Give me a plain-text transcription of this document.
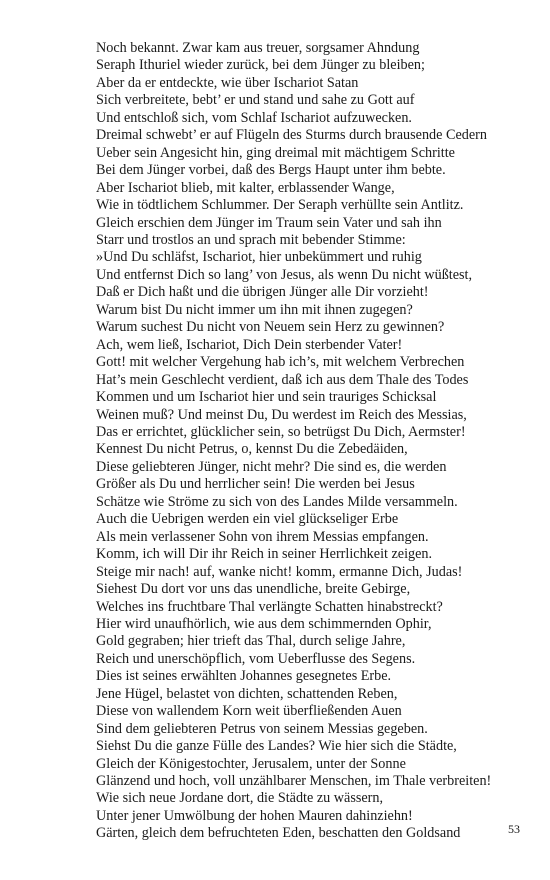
Noch bekannt. Zwar kam aus treuer, sorgsamer Ahndung
Seraph Ithuriel wieder zurück, bei dem Jünger zu bleiben;
Aber da er entdeckte, wie über Ischariot Satan
Sich verbreitete, bebt’ er und stand und sahe zu Gott auf
Und entschloß sich, vom Schlaf Ischariot aufzuwecken.
Dreimal schwebt’ er auf Flügeln des Sturms durch brausende Cedern
Ueber sein Angesicht hin, ging dreimal mit mächtigem Schritte
Bei dem Jünger vorbei, daß des Bergs Haupt unter ihm bebte.
Aber Ischariot blieb, mit kalter, erblassender Wange,
Wie in tödtlichem Schlummer. Der Seraph verhüllte sein Antlitz.
Gleich erschien dem Jünger im Traum sein Vater und sah ihn
Starr und trostlos an und sprach mit bebender Stimme:
»Und Du schläfst, Ischariot, hier unbekümmert und ruhig
Und entfernst Dich so lang’ von Jesus, als wenn Du nicht wüßtest,
Daß er Dich haßt und die übrigen Jünger alle Dir vorzieht!
Warum bist Du nicht immer um ihn mit ihnen zugegen?
Warum suchest Du nicht von Neuem sein Herz zu gewinnen?
Ach, wem ließ, Ischariot, Dich Dein sterbender Vater!
Gott! mit welcher Vergehung hab ich’s, mit welchem Verbrechen
Hat’s mein Geschlecht verdient, daß ich aus dem Thale des Todes
Kommen und um Ischariot hier und sein trauriges Schicksal
Weinen muß? Und meinst Du, Du werdest im Reich des Messias,
Das er errichtet, glücklicher sein, so betrügst Du Dich, Aermster!
Kennest Du nicht Petrus, o, kennst Du die Zebedäiden,
Diese geliebteren Jünger, nicht mehr? Die sind es, die werden
Größer als Du und herrlicher sein! Die werden bei Jesus
Schätze wie Ströme zu sich von des Landes Milde versammeln.
Auch die Uebrigen werden ein viel glückseliger Erbe
Als mein verlassener Sohn von ihrem Messias empfangen.
Komm, ich will Dir ihr Reich in seiner Herrlichkeit zeigen.
Steige mir nach! auf, wanke nicht! komm, ermanne Dich, Judas!
Siehest Du dort vor uns das unendliche, breite Gebirge,
Welches ins fruchtbare Thal verlängte Schatten hinabstreckt?
Hier wird unaufhörlich, wie aus dem schimmernden Ophir,
Gold gegraben; hier trieft das Thal, durch selige Jahre,
Reich und unerschöpflich, vom Ueberflusse des Segens.
Dies ist seines erwählten Johannes gesegnetes Erbe.
Jene Hügel, belastet von dichten, schattenden Reben,
Diese von wallendem Korn weit überfließenden Auen
Sind dem geliebteren Petrus von seinem Messias gegeben.
Siehst Du die ganze Fülle des Landes? Wie hier sich die Städte,
Gleich der Königestochter, Jerusalem, unter der Sonne
Glänzend und hoch, voll unzählbarer Menschen, im Thale verbreiten!
Wie sich neue Jordane dort, die Städte zu wässern,
Unter jener Umwölbung der hohen Mauren dahinziehn!
Gärten, gleich dem befruchteten Eden, beschatten den Goldsand	53
